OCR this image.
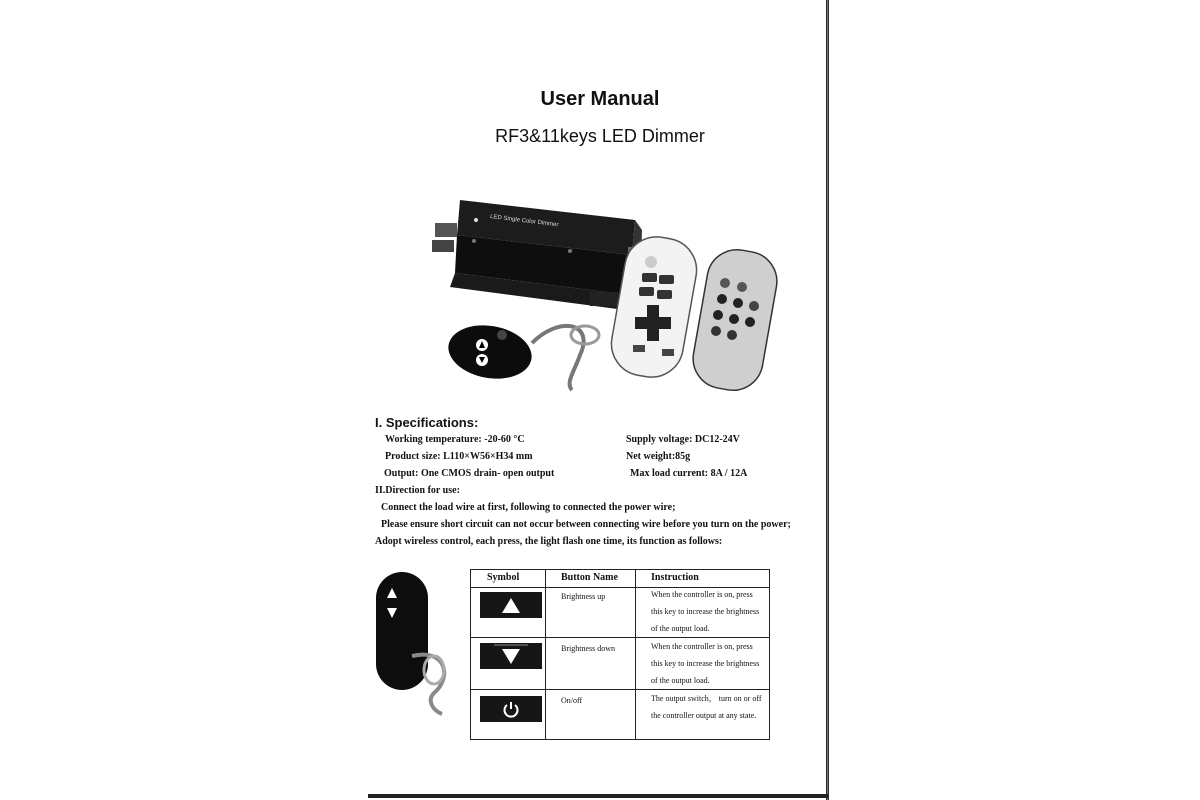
User Manual
RF3&11keys LED Dimmer
LED Single Color Dimmer
I. Specifications:
Working temperature: -20-60 °C
Product size: L110×W56×H34 mm
Output: One CMOS drain- open output
Supply voltage: DC12-24V
Net weight:85g
Max load current: 8A / 12A
II.Direction for use:
Connect the load wire at first, following to connected the power wire;
Please ensure short circuit can not occur between connecting wire before you turn on the power;
Adopt wireless control, each press, the light flash one time, its function as follows:
Symbol	Button Name	Instruction
Brightness up	When the controller is on, press
this key to increase the brightness
of the output load.
Brightness down	When the controller is on, press
this key to increase the brightness
of the output load.
On/off	The output switch， turn on or off
the controller output at any state.
